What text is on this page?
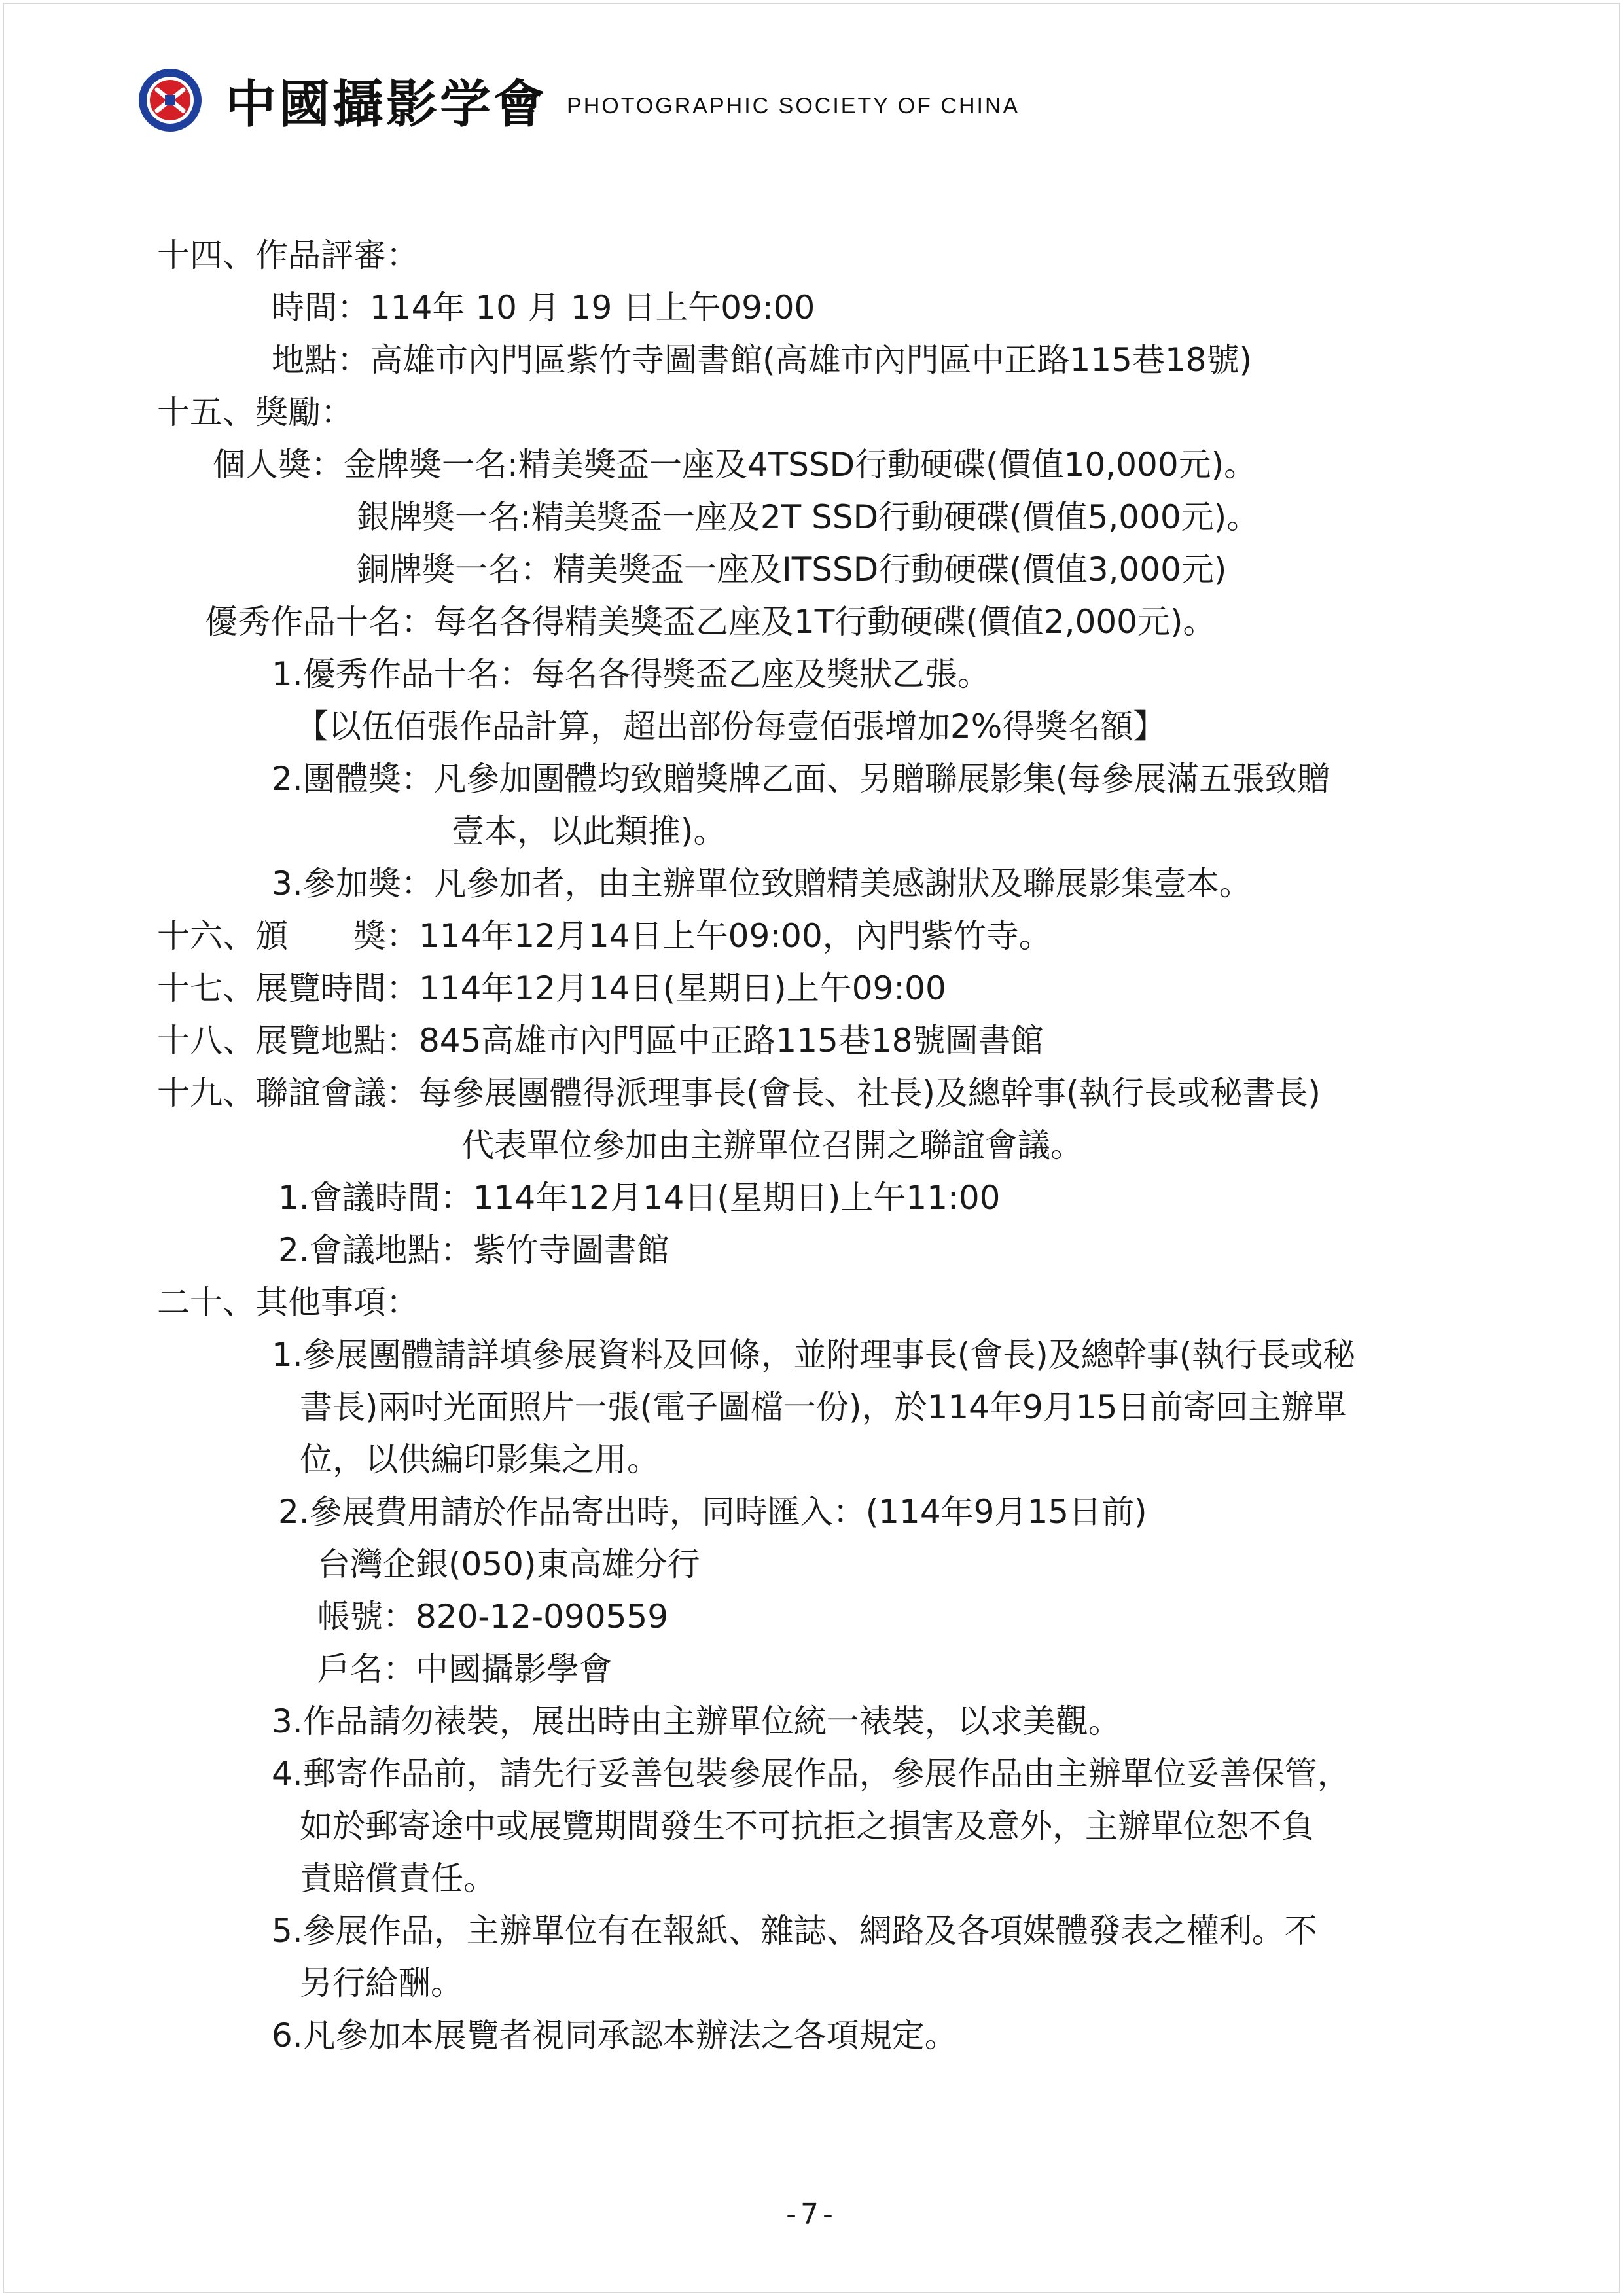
中國攝影学會 PHOTOGRAPHIC SOCIETY OF CHINA
十四、作品評審：
時間：114年 10 月 19 日上午09:00
地點：高雄市內門區紫竹寺圖書館(高雄市內門區中正路115巷18號)
十五、獎勵：
個人獎：金牌獎一名:精美獎盃一座及4TSSD行動硬碟(價值10,000元)。
銀牌獎一名:精美獎盃一座及2T SSD行動硬碟(價值5,000元)。
銅牌獎一名：精美獎盃一座及ITSSD行動硬碟(價值3,000元)
優秀作品十名：每名各得精美獎盃乙座及1T行動硬碟(價值2,000元)。
1.優秀作品十名：每名各得獎盃乙座及獎狀乙張。
【以伍佰張作品計算，超出部份每壹佰張增加2%得獎名額】
2.團體獎：凡參加團體均致贈獎牌乙面、另贈聯展影集(每參展滿五張致贈
壹本，以此類推)。
3.參加獎：凡參加者，由主辦單位致贈精美感謝狀及聯展影集壹本。
十六、頒　　獎：114年12月14日上午09:00，內門紫竹寺。
十七、展覽時間：114年12月14日(星期日)上午09:00
十八、展覽地點：845高雄市內門區中正路115巷18號圖書館
十九、聯誼會議：每參展團體得派理事長(會長、社長)及總幹事(執行長或秘書長)
代表單位參加由主辦單位召開之聯誼會議。
1.會議時間：114年12月14日(星期日)上午11:00
2.會議地點：紫竹寺圖書館
二十、其他事項：
1.參展團體請詳填參展資料及回條，並附理事長(會長)及總幹事(執行長或秘
書長)兩吋光面照片一張(電子圖檔一份)，於114年9月15日前寄回主辦單
位，以供編印影集之用。
2.參展費用請於作品寄出時，同時匯入：(114年9月15日前)
台灣企銀(050)東高雄分行
帳號：820-12-090559
戶名：中國攝影學會
3.作品請勿裱裝，展出時由主辦單位統一裱裝，以求美觀。
4.郵寄作品前，請先行妥善包裝參展作品，參展作品由主辦單位妥善保管，
如於郵寄途中或展覽期間發生不可抗拒之損害及意外，主辦單位恕不負
責賠償責任。
5.參展作品，主辦單位有在報紙、雜誌、網路及各項媒體發表之權利。不
另行給酬。
6.凡參加本展覽者視同承認本辦法之各項規定。
-7-
